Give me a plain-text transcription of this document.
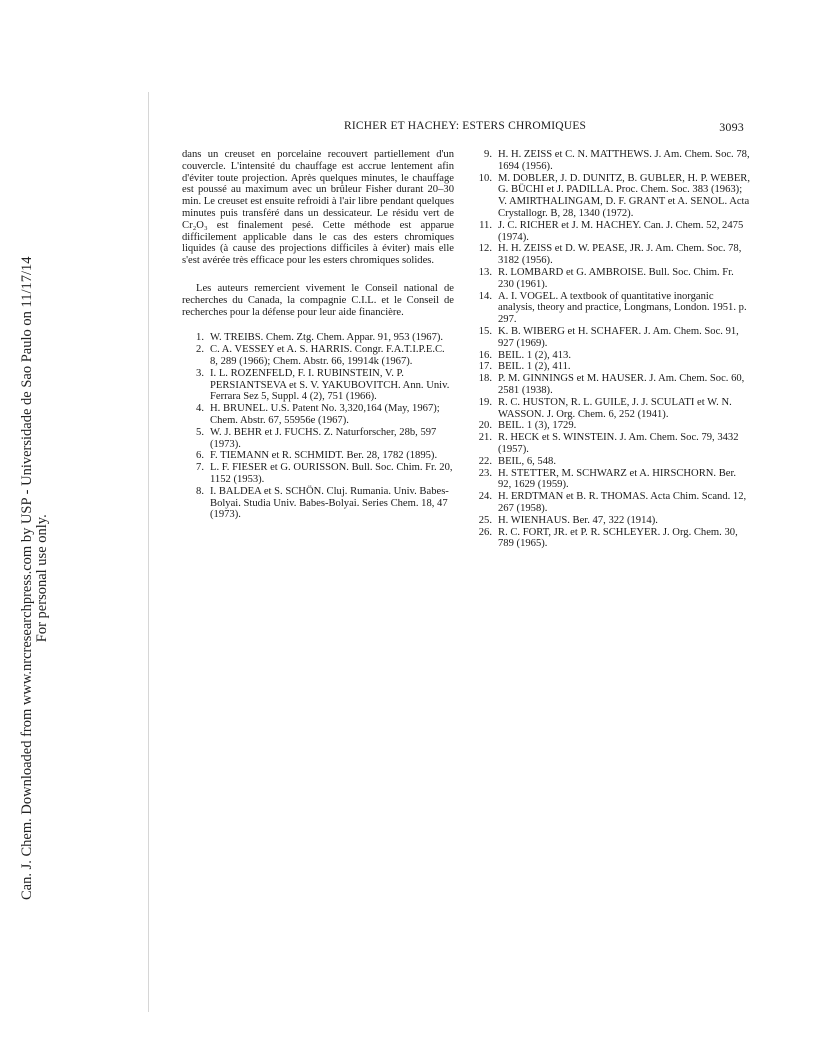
Can. J. Chem. Downloaded from www.nrcresearchpress.com by USP - Universidade de Sao Paulo on 11/17/14 For personal use only.
RICHER ET HACHEY: ESTERS CHROMIQUES	3093

dans un creuset en porcelaine recouvert partiellement d'un couvercle. L'intensité du chauffage est accrue lentement afin d'éviter toute projection. Après quelques minutes, le chauffage est poussé au maximum avec un brûleur Fisher durant 20–30 min. Le creuset est ensuite refroidi à l'air libre pendant quelques minutes puis transféré dans un dessicateur. Le résidu vert de Cr₂O₃ est finalement pesé. Cette méthode est apparue difficilement applicable dans le cas des esters chromiques liquides (à cause des projections difficiles à éviter) mais elle s'est avérée très efficace pour les esters chromiques solides.

Les auteurs remercient vivement le Conseil national de recherches du Canada, la compagnie C.I.L. et le Conseil de recherches pour la défense pour leur aide financière.

1. W. TREIBS. Chem. Ztg. Chem. Appar. 91, 953 (1967).
2. C. A. VESSEY et A. S. HARRIS. Congr. F.A.T.I.P.E.C. 8, 289 (1966); Chem. Abstr. 66, 19914k (1967).
3. I. L. ROZENFELD, F. I. RUBINSTEIN, V. P. PERSIANTSEVA et S. V. YAKUBOVITCH. Ann. Univ. Ferrara Sez 5, Suppl. 4 (2), 751 (1966).
4. H. BRUNEL. U.S. Patent No. 3,320,164 (May, 1967); Chem. Abstr. 67, 55956e (1967).
5. W. J. BEHR et J. FUCHS. Z. Naturforscher, 28b, 597 (1973).
6. F. TIEMANN et R. SCHMIDT. Ber. 28, 1782 (1895).
7. L. F. FIESER et G. OURISSON. Bull. Soc. Chim. Fr. 20, 1152 (1953).
8. I. BALDEA et S. SCHÖN. Cluj. Rumania. Univ. Babes-Bolyai. Studia Univ. Babes-Bolyai. Series Chem. 18, 47 (1973).
9. H. H. ZEISS et C. N. MATTHEWS. J. Am. Chem. Soc. 78, 1694 (1956).
10. M. DOBLER, J. D. DUNITZ, B. GUBLER, H. P. WEBER, G. BÜCHI et J. PADILLA. Proc. Chem. Soc. 383 (1963); V. AMIRTHALINGAM, D. F. GRANT et A. SENOL. Acta Crystallogr. B, 28, 1340 (1972).
11. J. C. RICHER et J. M. HACHEY. Can. J. Chem. 52, 2475 (1974).
12. H. H. ZEISS et D. W. PEASE, JR. J. Am. Chem. Soc. 78, 3182 (1956).
13. R. LOMBARD et G. AMBROISE. Bull. Soc. Chim. Fr. 230 (1961).
14. A. I. VOGEL. A textbook of quantitative inorganic analysis, theory and practice, Longmans, London. 1951. p. 297.
15. K. B. WIBERG et H. SCHAFER. J. Am. Chem. Soc. 91, 927 (1969).
16. BEIL. 1 (2), 413.
17. BEIL. 1 (2), 411.
18. P. M. GINNINGS et M. HAUSER. J. Am. Chem. Soc. 60, 2581 (1938).
19. R. C. HUSTON, R. L. GUILE, J. J. SCULATI et W. N. WASSON. J. Org. Chem. 6, 252 (1941).
20. BEIL. 1 (3), 1729.
21. R. HECK et S. WINSTEIN. J. Am. Chem. Soc. 79, 3432 (1957).
22. BEIL, 6, 548.
23. H. STETTER, M. SCHWARZ et A. HIRSCHORN. Ber. 92, 1629 (1959).
24. H. ERDTMAN et B. R. THOMAS. Acta Chim. Scand. 12, 267 (1958).
25. H. WIENHAUS. Ber. 47, 322 (1914).
26. R. C. FORT, JR. et P. R. SCHLEYER. J. Org. Chem. 30, 789 (1965).
